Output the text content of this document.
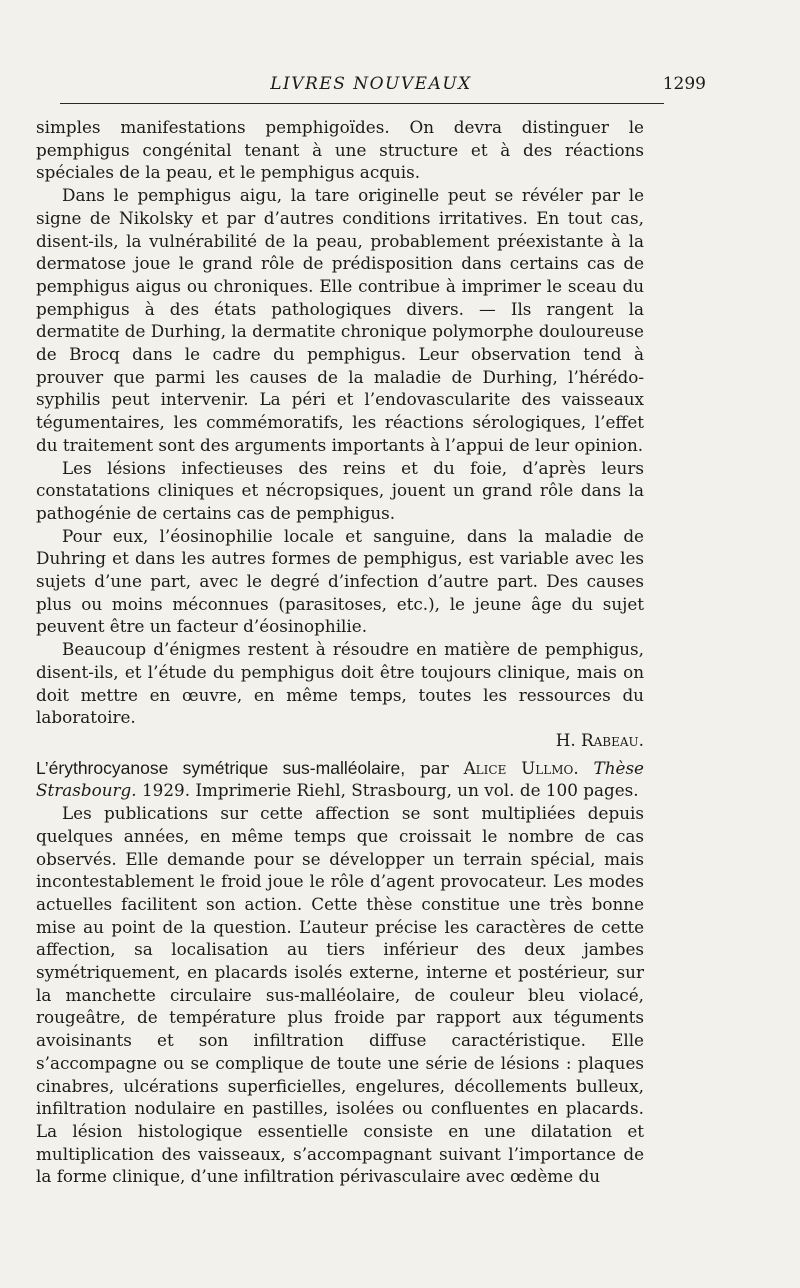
LIVRES NOUVEAUX	1299

simples manifestations pemphigoïdes. On devra distinguer le pemphigus congénital tenant à une structure et à des réactions spéciales de la peau, et le pemphigus acquis.

Dans le pemphigus aigu, la tare originelle peut se révéler par le signe de Nikolsky et par d’autres conditions irritatives. En tout cas, disent-ils, la vulnérabilité de la peau, probablement préexistante à la dermatose joue le grand rôle de prédisposition dans certains cas de pemphigus aigus ou chroniques. Elle contribue à imprimer le sceau du pemphigus à des états pathologiques divers. — Ils rangent la dermatite de Durhing, la dermatite chronique polymorphe douloureuse de Brocq dans le cadre du pemphigus. Leur observation tend à prouver que parmi les causes de la maladie de Durhing, l’hérédo-syphilis peut intervenir. La péri et l’endovascularite des vaisseaux tégumentaires, les commémoratifs, les réactions sérologiques, l’effet du traitement sont des arguments importants à l’appui de leur opinion.

Les lésions infectieuses des reins et du foie, d’après leurs constatations cliniques et nécropsiques, jouent un grand rôle dans la pathogénie de certains cas de pemphigus.

Pour eux, l’éosinophilie locale et sanguine, dans la maladie de Duhring et dans les autres formes de pemphigus, est variable avec les sujets d’une part, avec le degré d’infection d’autre part. Des causes plus ou moins méconnues (parasitoses, etc.), le jeune âge du sujet peuvent être un facteur d’éosinophilie.

Beaucoup d’énigmes restent à résoudre en matière de pemphigus, disent-ils, et l’étude du pemphigus doit être toujours clinique, mais on doit mettre en œuvre, en même temps, toutes les ressources du laboratoire.
H. Rabeau.

L’érythrocyanose symétrique sus-malléolaire, par Alice Ullmo. Thèse Strasbourg. 1929. Imprimerie Riehl, Strasbourg, un vol. de 100 pages.

Les publications sur cette affection se sont multipliées depuis quelques années, en même temps que croissait le nombre de cas observés. Elle demande pour se développer un terrain spécial, mais incontestablement le froid joue le rôle d’agent provocateur. Les modes actuelles facilitent son action. Cette thèse constitue une très bonne mise au point de la question. L’auteur précise les caractères de cette affection, sa localisation au tiers inférieur des deux jambes symétriquement, en placards isolés externe, interne et postérieur, sur la manchette circulaire sus-malléolaire, de couleur bleu violacé, rougeâtre, de température plus froide par rapport aux téguments avoisinants et son infiltration diffuse caractéristique. Elle s’accompagne ou se complique de toute une série de lésions : plaques cinabres, ulcérations superficielles, engelures, décollements bulleux, infiltration nodulaire en pastilles, isolées ou confluentes en placards. La lésion histologique essentielle consiste en une dilatation et multiplication des vaisseaux, s’accompagnant suivant l’importance de la forme clinique, d’une infiltration périvasculaire avec œdème du
